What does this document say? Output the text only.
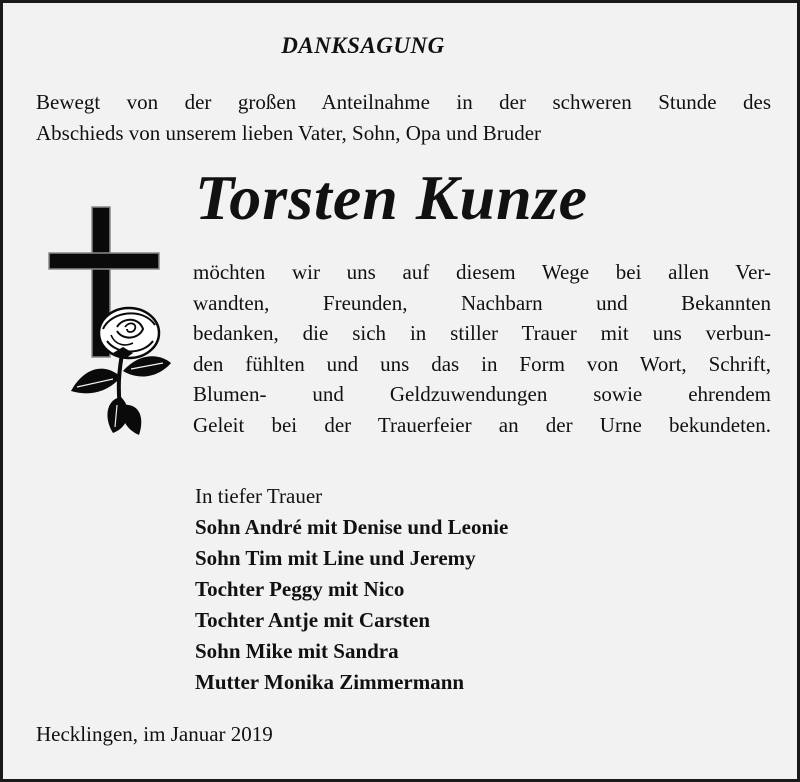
DANKSAGUNG
Bewegt von der großen Anteilnahme in der schweren Stunde des
Abschieds von unserem lieben Vater, Sohn, Opa und Bruder
Torsten Kunze
möchten wir uns auf diesem Wege bei allen Ver-
wandten, Freunden, Nachbarn und Bekannten
bedanken, die sich in stiller Trauer mit uns verbun-
den fühlten und uns das in Form von Wort, Schrift,
Blumen- und Geldzuwendungen sowie ehrendem
Geleit bei der Trauerfeier an der Urne bekundeten.
In tiefer Trauer
Sohn André mit Denise und Leonie
Sohn Tim mit Line und Jeremy
Tochter Peggy mit Nico
Tochter Antje mit Carsten
Sohn Mike mit Sandra
Mutter Monika Zimmermann
Hecklingen, im Januar 2019
